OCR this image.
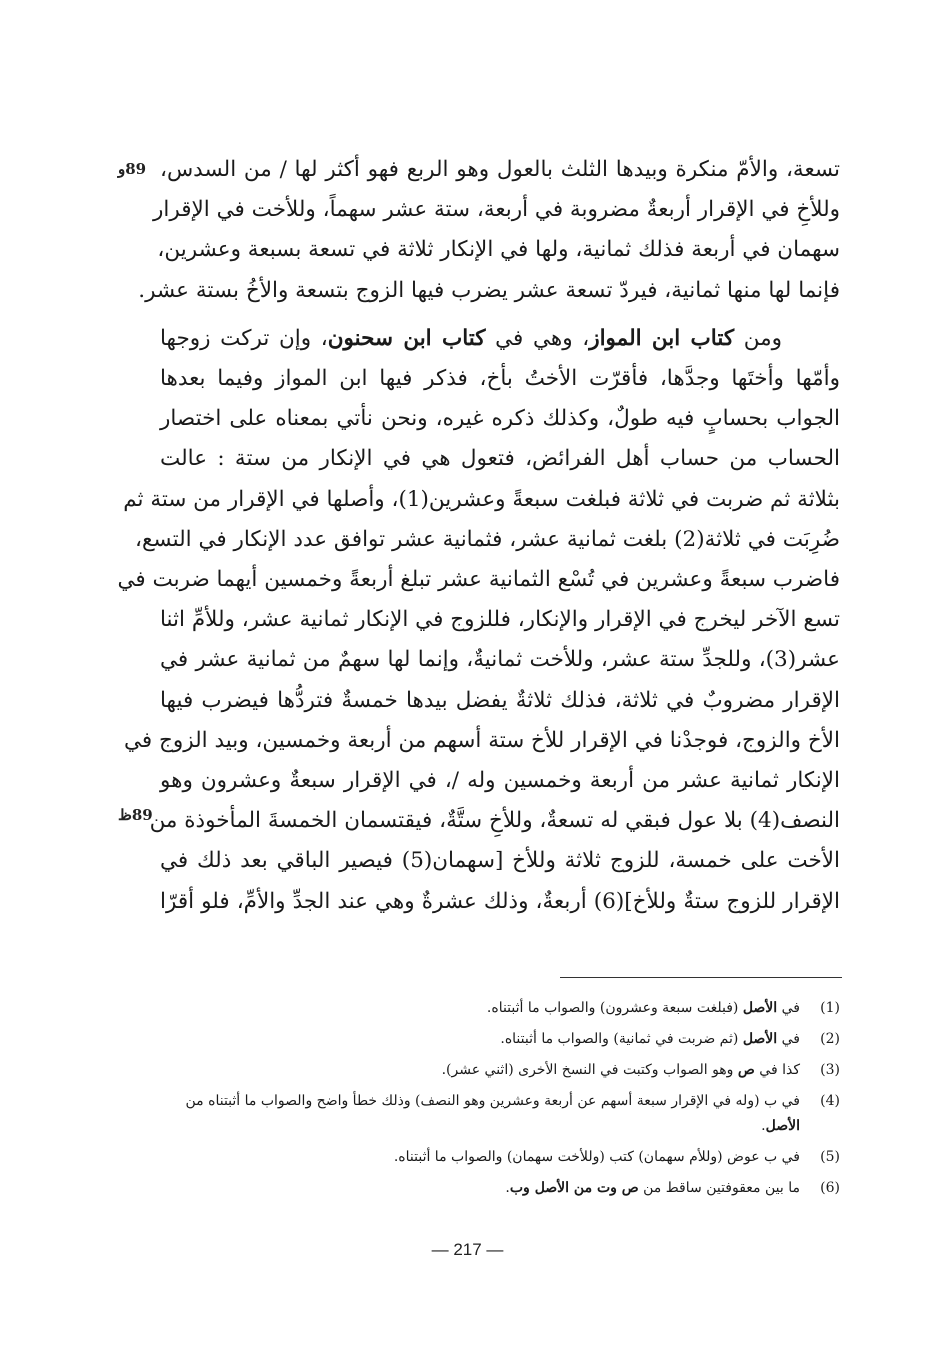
89و
89ظ

تسعة، والأمّ منكرة وبيدها الثلث بالعول وهو الربع فهو أكثر لها / من السدس،
وللأخِ في الإقرار أربعةٌ مضروبة في أربعة، ستة عشر سهماً، وللأخت في الإقرار
سهمان في أربعة فذلك ثمانية، ولها في الإنكار ثلاثة في تسعة بسبعة وعشرين،
فإنما لها منها ثمانية، فيردّ تسعة عشر يضرب فيها الزوج بتسعة والأخُ بستة عشر.

ومن كتاب ابن المواز، وهي في كتاب ابن سحنون، وإن تركت زوجها
وأمّها وأختَها وجدَّها، فأقرّت الأختُ بأخ، فذكر فيها ابن المواز وفيما بعدها
الجواب بحسابٍ فيه طولٌ، وكذلك ذكره غيره، ونحن نأتي بمعناه على اختصار
الحساب من حساب أهل الفرائض، فتعول هي في الإنكار من ستة : عالت
بثلاثة ثم ضربت في ثلاثة فبلغت سبعةً وعشرين(1)، وأصلها في الإقرار من ستة ثم
ضُرِبَت في ثلاثة(2) بلغت ثمانية عشر، فثمانية عشر توافق عدد الإنكار في التسع،
فاضرب سبعةً وعشرين في تُسْع الثمانية عشر تبلغ أربعةً وخمسين أيهما ضربت في
تسع الآخر ليخرج في الإقرار والإنكار، فللزوج في الإنكار ثمانية عشر، وللأمِّ اثنا
عشر(3)، وللجدِّ ستة عشر، وللأخت ثمانيةٌ، وإنما لها سهمٌ من ثمانية عشر في
الإقرار مضروبٌ في ثلاثة، فذلك ثلاثةٌ يفضل بيدها خمسةٌ فتردُّها فيضرب فيها
الأخ والزوج، فوجدْنا في الإقرار للأخ ستة أسهم من أربعة وخمسين، وبيد الزوج في
الإنكار ثمانية عشر من أربعة وخمسين وله /، في الإقرار سبعةٌ وعشرون وهو
النصف(4) بلا عول فبقي له تسعةٌ، وللأخِ ستَّةٌ، فيقتسمان الخمسةَ المأخوذة من
الأخت على خمسة، للزوج ثلاثة وللأخ [سهمان(5) فيصير الباقي بعد ذلك في
الإقرار للزوج ستةٌ وللأخ](6) أربعةٌ، وذلك عشرةٌ وهي عند الجدِّ والأمِّ، فلو أقرّا

(1)
في الأصل (فبلغت سبعة وعشرون) والصواب ما أثبتناه.
(2)
في الأصل (ثم ضربت في ثمانية) والصواب ما أثبتناه.
(3)
كذا في ص وهو الصواب وكتبت في النسخ الأخرى (اثني عشر).
(4)
في ب (وله في الإقرار سبعة أسهم عن أربعة وعشرين وهو النصف) وذلك خطأ واضح والصواب ما أثبتناه من الأصل.
(5)
في ب عوض (وللأم سهمان) كتب (وللأخت سهمان) والصواب ما أثبتناه.
(6)
ما بين معقوفتين ساقط من ص وت من الأصل وب.
— 217 —
